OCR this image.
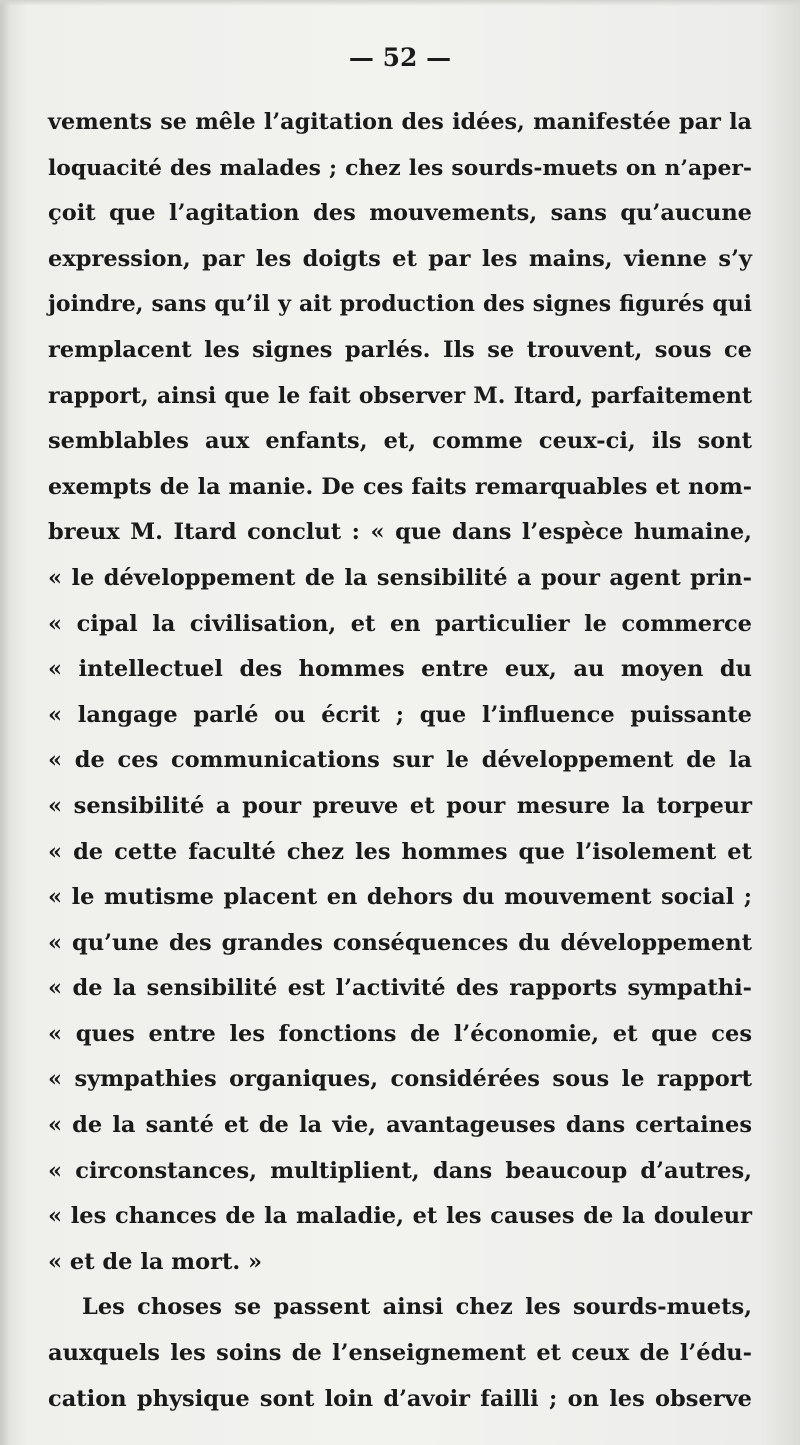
— 52 —
vements se mêle l’agitation des idées, manifestée par la
loquacité des malades ; chez les sourds-muets on n’aper-
çoit que l’agitation des mouvements, sans qu’aucune
expression, par les doigts et par les mains, vienne s’y
joindre, sans qu’il y ait production des signes figurés qui
remplacent les signes parlés. Ils se trouvent, sous ce
rapport, ainsi que le fait observer M. Itard, parfaitement
semblables aux enfants, et, comme ceux-ci, ils sont
exempts de la manie. De ces faits remarquables et nom-
breux M. Itard conclut : « que dans l’espèce humaine,
« le développement de la sensibilité a pour agent prin-
« cipal la civilisation, et en particulier le commerce
« intellectuel des hommes entre eux, au moyen du
« langage parlé ou écrit ; que l’influence puissante
« de ces communications sur le développement de la
« sensibilité a pour preuve et pour mesure la torpeur
« de cette faculté chez les hommes que l’isolement et
« le mutisme placent en dehors du mouvement social ;
« qu’une des grandes conséquences du développement
« de la sensibilité est l’activité des rapports sympathi-
« ques entre les fonctions de l’économie, et que ces
« sympathies organiques, considérées sous le rapport
« de la santé et de la vie, avantageuses dans certaines
« circonstances, multiplient, dans beaucoup d’autres,
« les chances de la maladie, et les causes de la douleur
« et de la mort. »
Les choses se passent ainsi chez les sourds-muets,
auxquels les soins de l’enseignement et ceux de l’édu-
cation physique sont loin d’avoir failli ; on les observe
